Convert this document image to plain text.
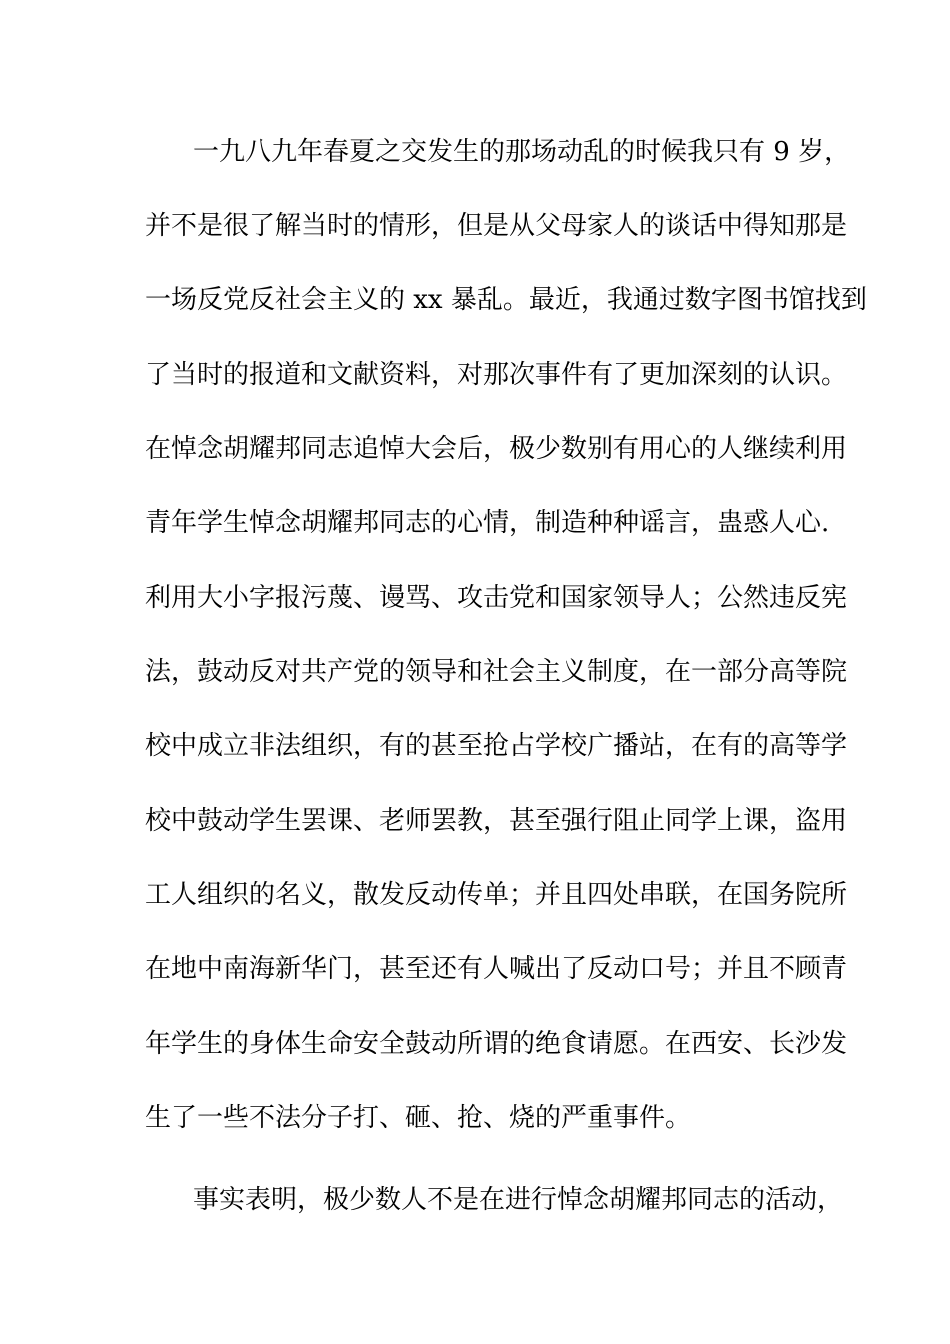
一九八九年春夏之交发生的那场动乱的时候我只有 9 岁，
并不是很了解当时的情形，但是从父母家人的谈话中得知那是
一场反党反社会主义的 xx 暴乱。最近，我通过数字图书馆找到
了当时的报道和文献资料，对那次事件有了更加深刻的认识。
在悼念胡耀邦同志追悼大会后，极少数别有用心的人继续利用
青年学生悼念胡耀邦同志的心情，制造种种谣言，蛊惑人心.
利用大小字报污蔑、谩骂、攻击党和国家领导人；公然违反宪
法，鼓动反对共产党的领导和社会主义制度，在一部分高等院
校中成立非法组织，有的甚至抢占学校广播站，在有的高等学
校中鼓动学生罢课、老师罢教，甚至强行阻止同学上课，盗用
工人组织的名义，散发反动传单；并且四处串联，在国务院所
在地中南海新华门，甚至还有人喊出了反动口号；并且不顾青
年学生的身体生命安全鼓动所谓的绝食请愿。在西安、长沙发
生了一些不法分子打、砸、抢、烧的严重事件。
事实表明，极少数人不是在进行悼念胡耀邦同志的活动，
